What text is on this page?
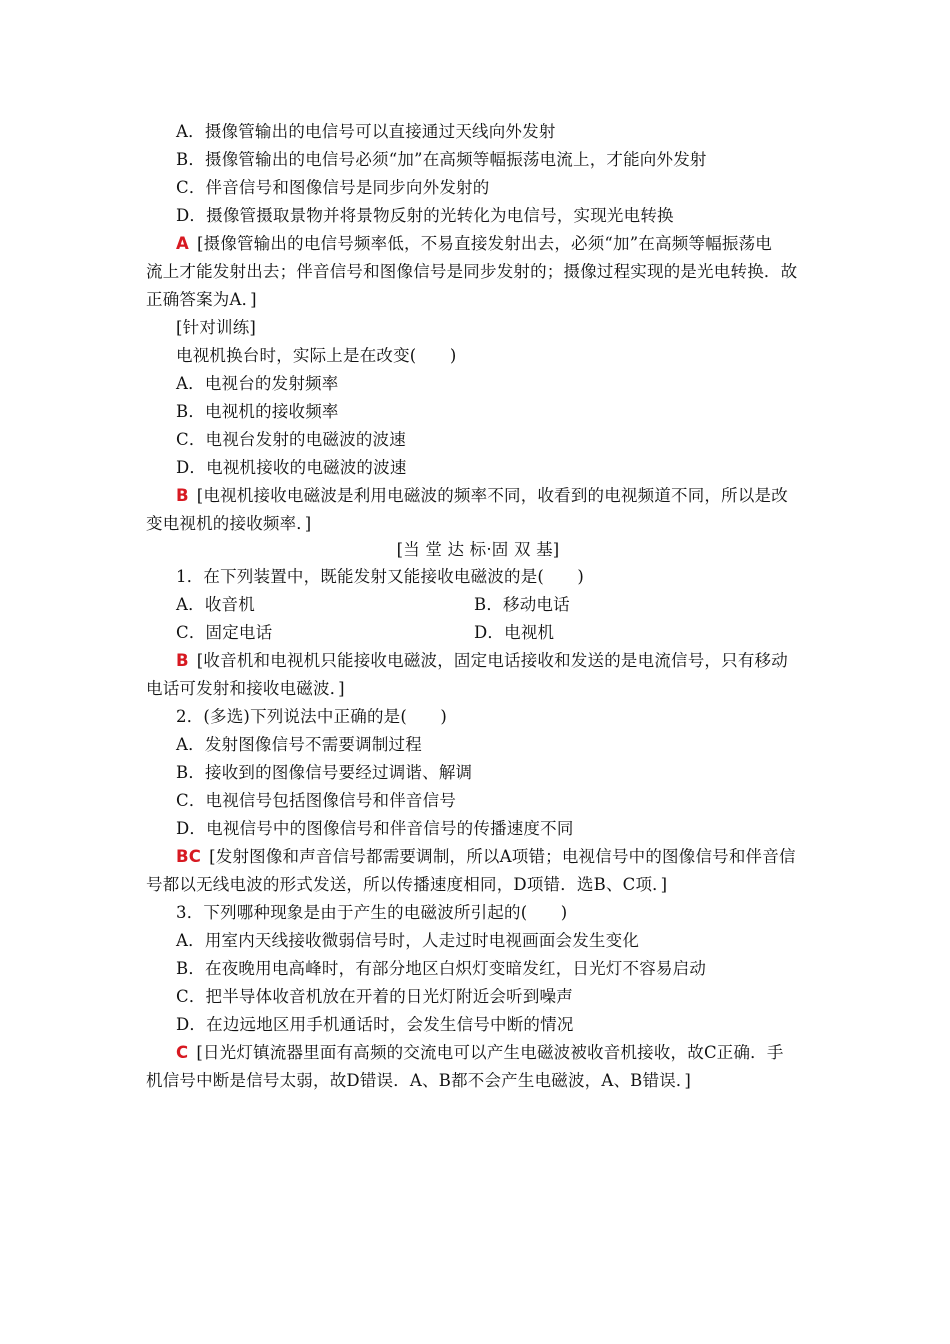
A．摄像管输出的电信号可以直接通过天线向外发射
B．摄像管输出的电信号必须“加”在高频等幅振荡电流上，才能向外发射
C．伴音信号和图像信号是同步向外发射的
D．摄像管摄取景物并将景物反射的光转化为电信号，实现光电转换
A [摄像管输出的电信号频率低，不易直接发射出去，必须“加”在高频等幅振荡电
流上才能发射出去；伴音信号和图像信号是同步发射的；摄像过程实现的是光电转换．故
正确答案为A．]
[针对训练]
电视机换台时，实际上是在改变(　　)
A．电视台的发射频率
B．电视机的接收频率
C．电视台发射的电磁波的波速
D．电视机接收的电磁波的波速
B [电视机接收电磁波是利用电磁波的频率不同，收看到的电视频道不同，所以是改
变电视机的接收频率．]
[当 堂 达 标·固 双 基]
1．在下列装置中，既能发射又能接收电磁波的是(　　)
A．收音机	B．移动电话
C．固定电话	D．电视机
B [收音机和电视机只能接收电磁波，固定电话接收和发送的是电流信号，只有移动
电话可发射和接收电磁波．]
2．(多选)下列说法中正确的是(　　)
A．发射图像信号不需要调制过程
B．接收到的图像信号要经过调谐、解调
C．电视信号包括图像信号和伴音信号
D．电视信号中的图像信号和伴音信号的传播速度不同
BC [发射图像和声音信号都需要调制，所以A项错；电视信号中的图像信号和伴音信
号都以无线电波的形式发送，所以传播速度相同，D项错．选B、C项．]
3．下列哪种现象是由于产生的电磁波所引起的(　　)
A．用室内天线接收微弱信号时，人走过时电视画面会发生变化
B．在夜晚用电高峰时，有部分地区白炽灯变暗发红，日光灯不容易启动
C．把半导体收音机放在开着的日光灯附近会听到噪声
D．在边远地区用手机通话时，会发生信号中断的情况
C [日光灯镇流器里面有高频的交流电可以产生电磁波被收音机接收，故C正确．手
机信号中断是信号太弱，故D错误．A、B都不会产生电磁波，A、B错误．]
